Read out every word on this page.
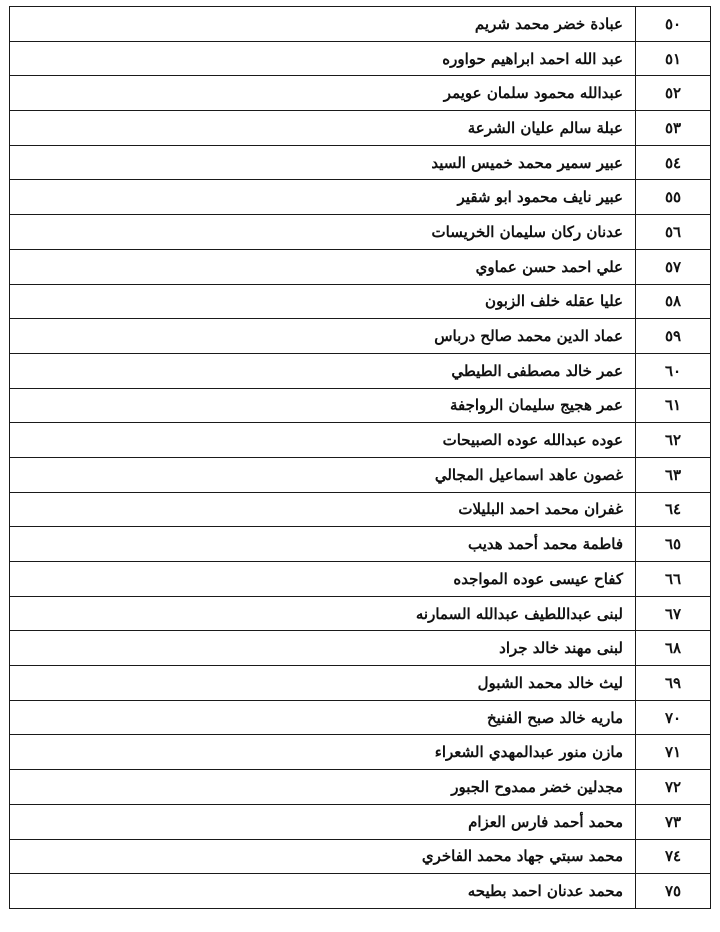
٥٠	عبادة خضر محمد شريم
٥١	عبد الله احمد ابراهيم حواوره
٥٢	عبدالله محمود سلمان عويمر
٥٣	عبلة سالم عليان الشرعة
٥٤	عبير سمير محمد خميس السيد
٥٥	عبير نايف محمود ابو شقير
٥٦	عدنان ركان سليمان الخريسات
٥٧	علي احمد حسن عماوي
٥٨	عليا عقله خلف الزبون
٥٩	عماد الدين محمد صالح درباس
٦٠	عمر خالد مصطفى الطيطي
٦١	عمر هجيج سليمان الرواجفة
٦٢	عوده عبدالله عوده الصبيحات
٦٣	غصون عاهد اسماعيل المجالي
٦٤	غفران محمد احمد البليلات
٦٥	فاطمة محمد أحمد هديب
٦٦	كفاح عيسى عوده المواجده
٦٧	لبنى عبداللطيف عبدالله السمارنه
٦٨	لبنى مهند خالد جراد
٦٩	ليث خالد محمد الشبول
٧٠	ماريه خالد صبح الفنيخ
٧١	مازن منور عبدالمهدي الشعراء
٧٢	مجدلين خضر ممدوح الجبور
٧٣	محمد أحمد فارس العزام
٧٤	محمد سبتي جهاد محمد الفاخري
٧٥	محمد عدنان احمد بطيحه
